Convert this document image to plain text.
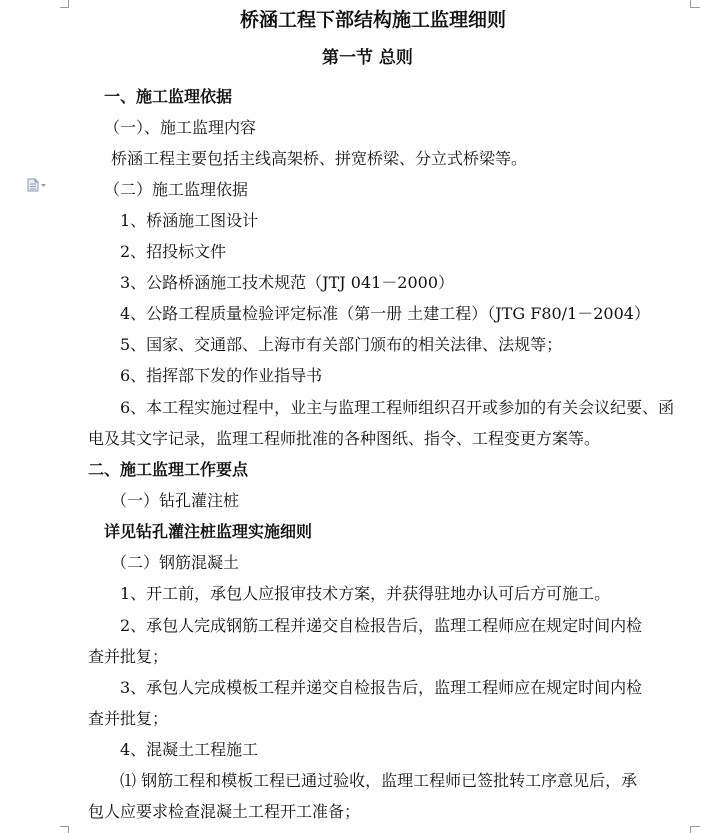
桥涵工程下部结构施工监理细则
第一节 总则
一、施工监理依据
（一）、施工监理内容
桥涵工程主要包括主线高架桥、拼宽桥梁、分立式桥梁等。
（二）施工监理依据
1、桥涵施工图设计
2、招投标文件
3、公路桥涵施工技术规范（JTJ 041－2000）
4、公路工程质量检验评定标准（第一册 土建工程）（JTG F80/1－2004）
5、国家、交通部、上海市有关部门颁布的相关法律、法规等；
6、指挥部下发的作业指导书
6、本工程实施过程中，业主与监理工程师组织召开或参加的有关会议纪要、函
电及其文字记录，监理工程师批准的各种图纸、指令、工程变更方案等。
二、施工监理工作要点
（一）钻孔灌注桩
详见钻孔灌注桩监理实施细则
（二）钢筋混凝土
1、开工前，承包人应报审技术方案，并获得驻地办认可后方可施工。
2、承包人完成钢筋工程并递交自检报告后，监理工程师应在规定时间内检
查并批复；
3、承包人完成模板工程并递交自检报告后，监理工程师应在规定时间内检
查并批复；
4、混凝土工程施工
⑴ 钢筋工程和模板工程已通过验收，监理工程师已签批转工序意见后，承
包人应要求检查混凝土工程开工准备；
